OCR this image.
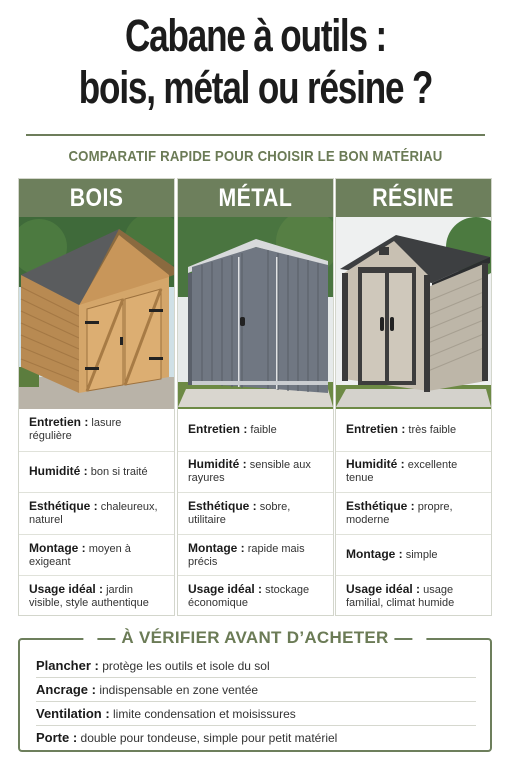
Cabane à outils :
bois, métal ou résine ?
COMPARATIF RAPIDE POUR CHOISIR LE BON MATÉRIAU
BOIS
Entretien : lasure régulière
Humidité : bon si traité
Esthétique : chaleureux, naturel
Montage : moyen à exigeant
Usage idéal : jardin visible, style authentique
MÉTAL
Entretien : faible
Humidité : sensible aux rayures
Esthétique : sobre, utilitaire
Montage : rapide mais précis
Usage idéal : stockage économique
RÉSINE
Entretien : très faible
Humidité : excellente tenue
Esthétique : propre, moderne
Montage : simple
Usage idéal : usage familial, climat humide
À VÉRIFIER AVANT D’ACHETER
Plancher : protège les outils et isole du sol
Ancrage : indispensable en zone ventée
Ventilation : limite condensation et moisissures
Porte : double pour tondeuse, simple pour petit matériel
